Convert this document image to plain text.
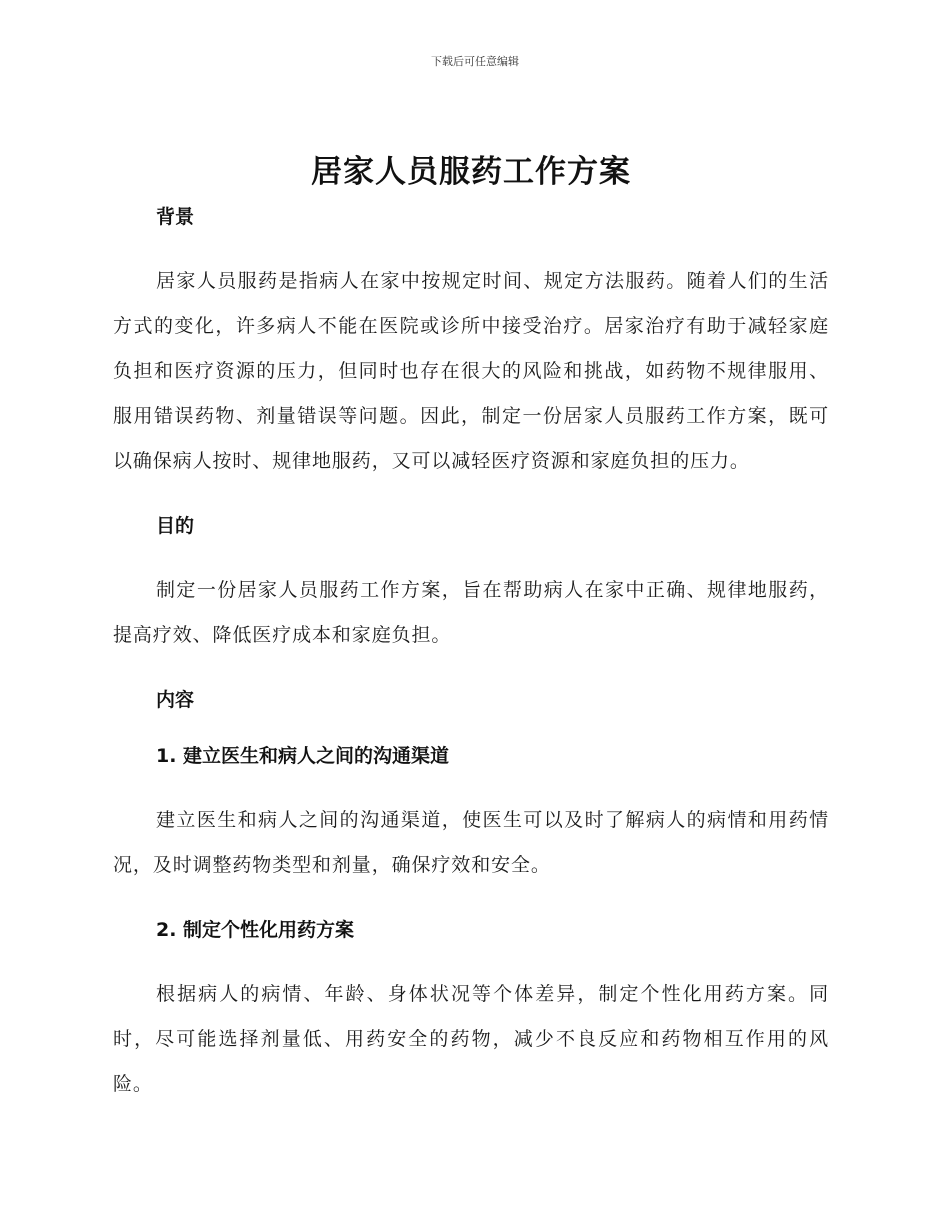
下载后可任意编辑
居家人员服药工作方案
背景

居家人员服药是指病人在家中按规定时间、规定方法服药。随着人们的生活方式的变化，许多病人不能在医院或诊所中接受治疗。居家治疗有助于减轻家庭负担和医疗资源的压力，但同时也存在很大的风险和挑战，如药物不规律服用、服用错误药物、剂量错误等问题。因此，制定一份居家人员服药工作方案，既可以确保病人按时、规律地服药，又可以减轻医疗资源和家庭负担的压力。

目的

制定一份居家人员服药工作方案，旨在帮助病人在家中正确、规律地服药，提高疗效、降低医疗成本和家庭负担。

内容
1. 建立医生和病人之间的沟通渠道

建立医生和病人之间的沟通渠道，使医生可以及时了解病人的病情和用药情况，及时调整药物类型和剂量，确保疗效和安全。

2. 制定个性化用药方案

根据病人的病情、年龄、身体状况等个体差异，制定个性化用药方案。同时，尽可能选择剂量低、用药安全的药物，减少不良反应和药物相互作用的风险。
